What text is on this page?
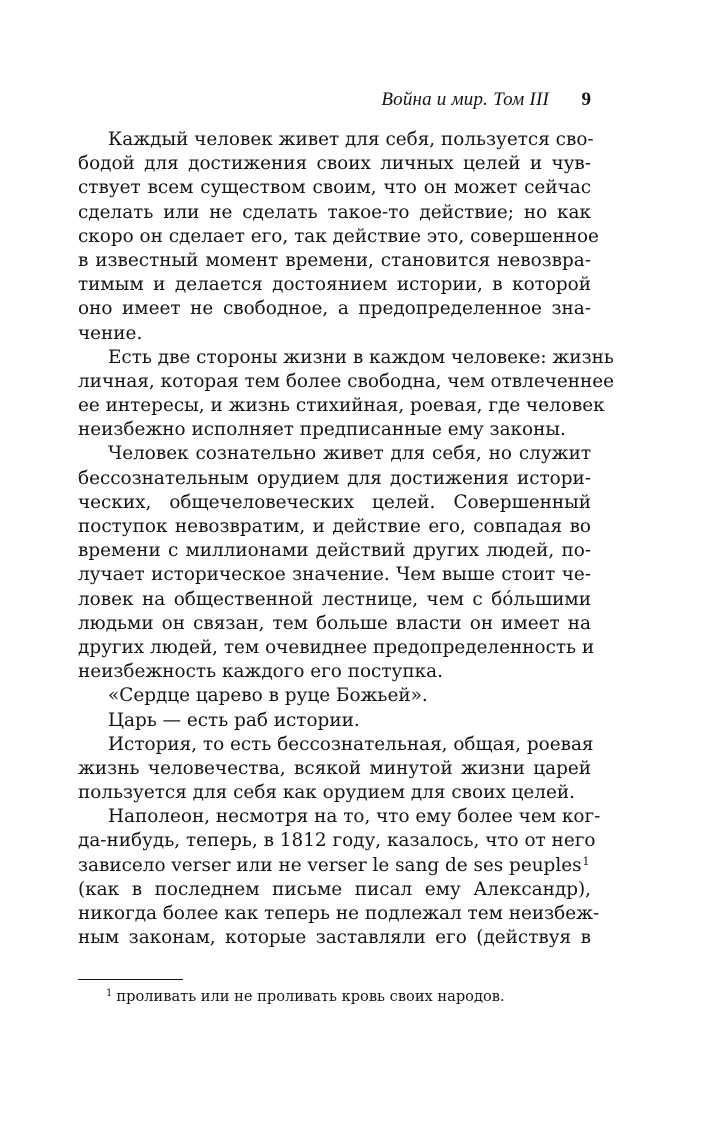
Война и мир. Том III 9
Каждый человек живет для себя, пользуется сво-
бодой для достижения своих личных целей и чув-
ствует всем существом своим, что он может сейчас
сделать или не сделать такое-то действие; но как
скоро он сделает его, так действие это, совершенное
в известный момент времени, становится невозвра-
тимым и делается достоянием истории, в которой
оно имеет не свободное, а предопределенное зна-
чение.
Есть две стороны жизни в каждом человеке: жизнь
личная, которая тем более свободна, чем отвлеченнее
ее интересы, и жизнь стихийная, роевая, где человек
неизбежно исполняет предписанные ему законы.
Человек сознательно живет для себя, но служит
бессознательным орудием для достижения истори-
ческих, общечеловеческих целей. Совершенный
поступок невозвратим, и действие его, совпадая во
времени с миллионами действий других людей, по-
лучает историческое значение. Чем выше стоит че-
ловек на общественной лестнице, чем с бóльшими
людьми он связан, тем больше власти он имеет на
других людей, тем очевиднее предопределенность и
неизбежность каждого его поступка.
«Сердце царево в руце Божьей».
Царь — есть раб истории.
История, то есть бессознательная, общая, роевая
жизнь человечества, всякой минутой жизни царей
пользуется для себя как орудием для своих целей.
Наполеон, несмотря на то, что ему более чем ког-
да-нибудь, теперь, в 1812 году, казалось, что от него
зависело verser или не verser le sang de ses peuples$^1$
(как в последнем письме писал ему Александр),
никогда более как теперь не подлежал тем неизбеж-
ным законам, которые заставляли его (действуя в
$^1$ проливать или не проливать кровь своих народов.
